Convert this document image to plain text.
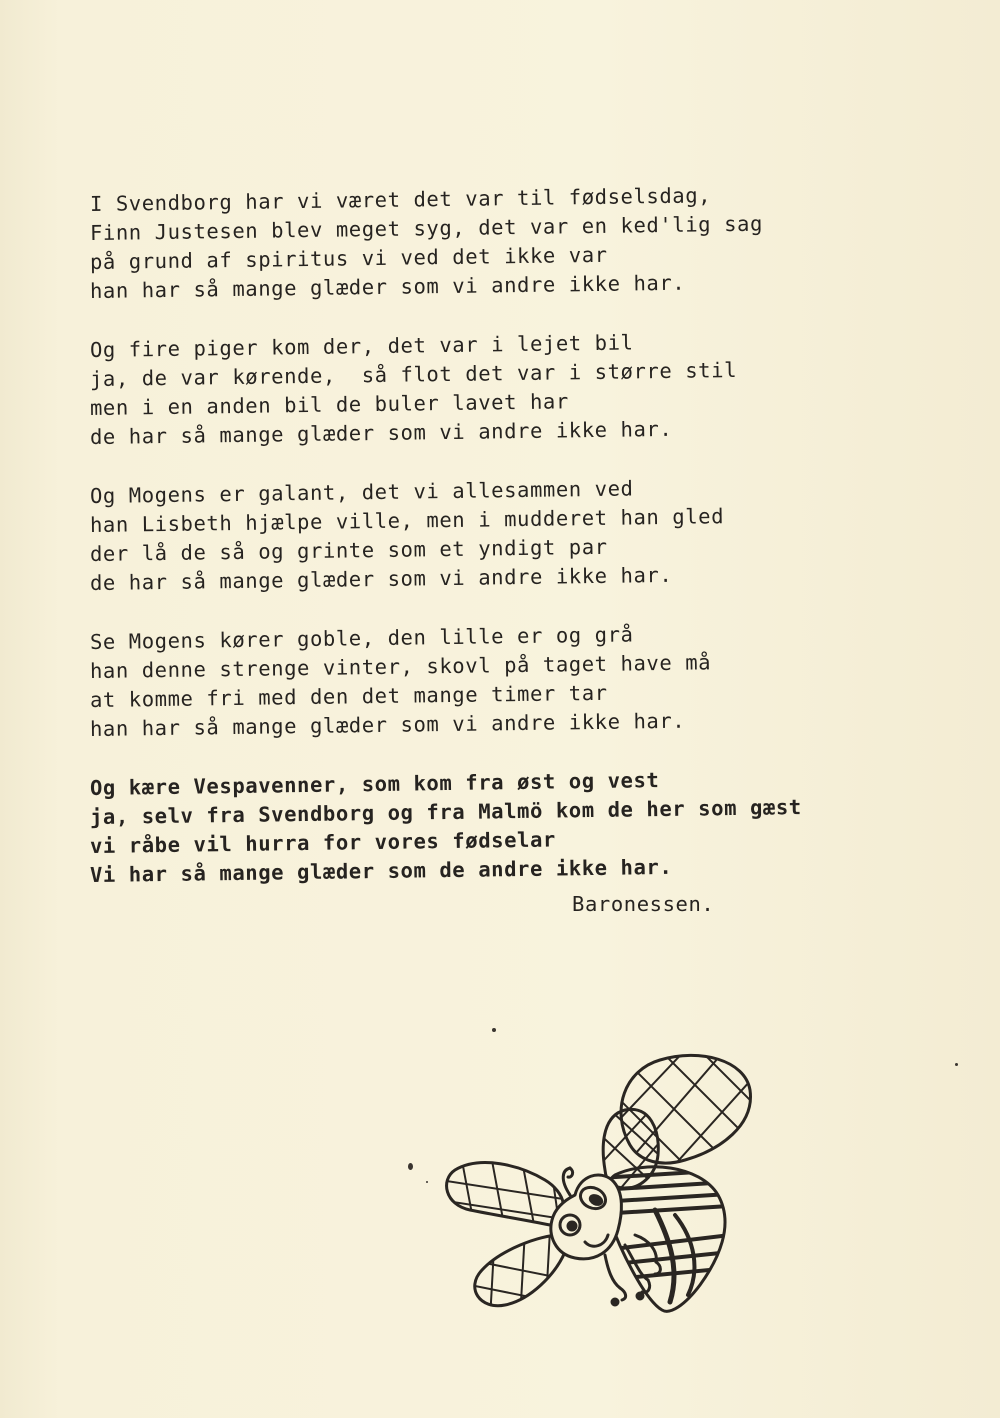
I Svendborg har vi været det var til fødselsdag,
Finn Justesen blev meget syg, det var en ked'lig sag
på grund af spiritus vi ved det ikke var
han har så mange glæder som vi andre ikke har.
Og fire piger kom der, det var i lejet bil
ja, de var kørende,  så flot det var i større stil
men i en anden bil de buler lavet har
de har så mange glæder som vi andre ikke har.
Og Mogens er galant, det vi allesammen ved
han Lisbeth hjælpe ville, men i mudderet han gled
der lå de så og grinte som et yndigt par
de har så mange glæder som vi andre ikke har.
Se Mogens kører goble, den lille er og grå
han denne strenge vinter, skovl på taget have må
at komme fri med den det mange timer tar
han har så mange glæder som vi andre ikke har.
Og kære Vespavenner, som kom fra øst og vest
ja, selv fra Svendborg og fra Malmö kom de her som gæst
vi råbe vil hurra for vores fødselar
Vi har så mange glæder som de andre ikke har.
Baronessen.
